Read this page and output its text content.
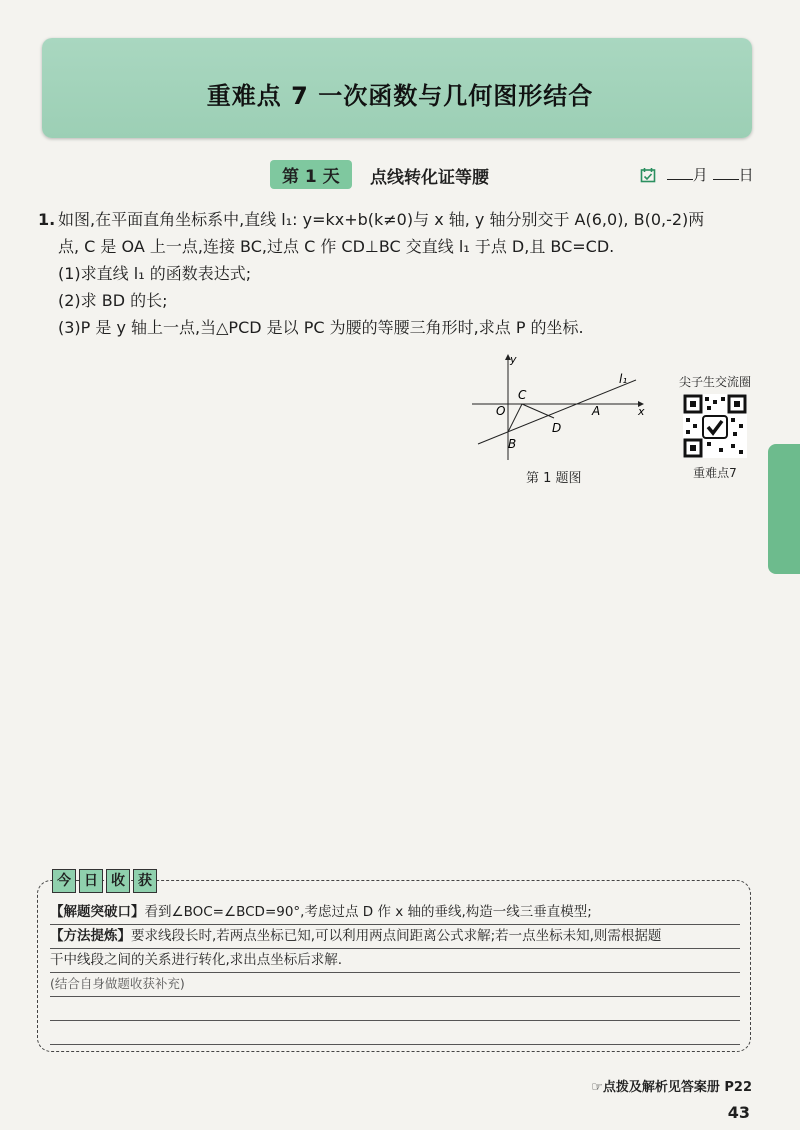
重难点 7 一次函数与几何图形结合
第 1 天	点线转化证等腰	月 日
1. 如图,在平面直角坐标系中,直线 l₁: y=kx+b(k≠0)与 x 轴, y 轴分别交于 A(6,0), B(0,-2)两
点, C 是 OA 上一点,连接 BC,过点 C 作 CD⊥BC 交直线 l₁ 于点 D,且 BC=CD.
(1)求直线 l₁ 的函数表达式;
(2)求 BD 的长;
(3)P 是 y 轴上一点,当△PCD 是以 PC 为腰的等腰三角形时,求点 P 的坐标.
y
x
O
C
A
B
D
l₁
第 1 题图
尖子生交流圈
重难点7
今 日 收 获
【解题突破口】看到∠BOC=∠BCD=90°,考虑过点 D 作 x 轴的垂线,构造一线三垂直模型;
【方法提炼】要求线段长时,若两点坐标已知,可以利用两点间距离公式求解;若一点坐标未知,则需根据题
干中线段之间的关系进行转化,求出点坐标后求解.
(结合自身做题收获补充)
☞点拨及解析见答案册 P22
43
